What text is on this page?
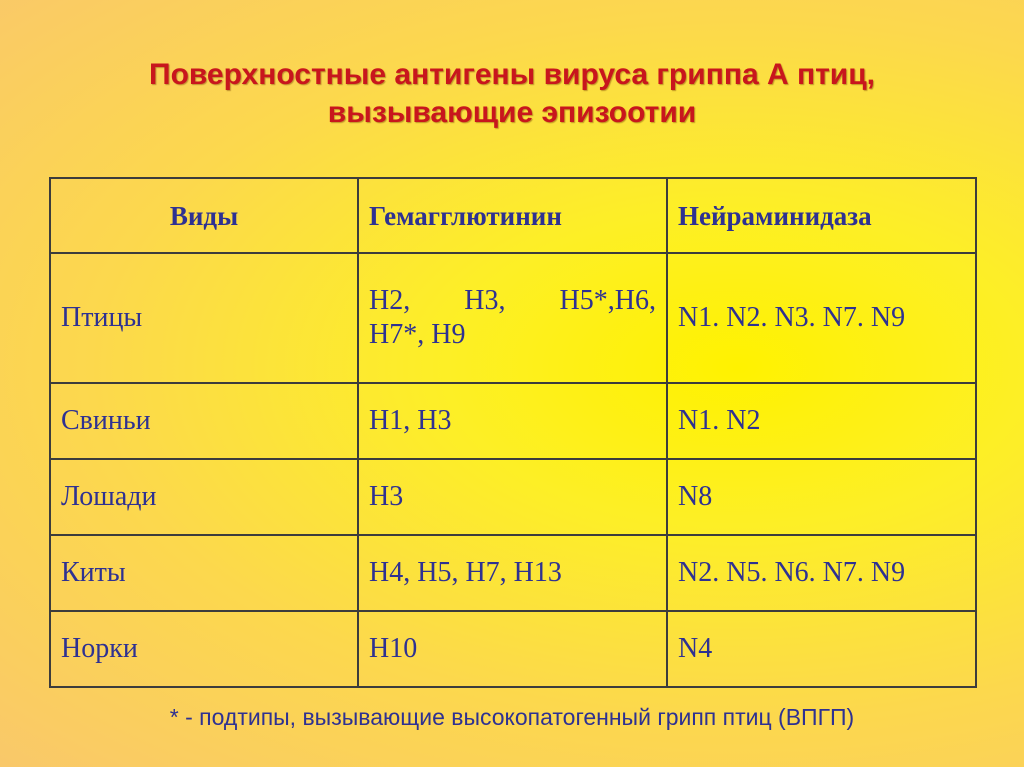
Поверхностные антигены вируса гриппа А птиц,
вызывающие эпизоотии
Виды	Гемагглютинин	Нейраминидаза
Птицы	Н2, Н3, Н5*,Н6,
Н7*, Н9	N1. N2. N3. N7. N9
Свиньи	Н1, Н3	N1. N2
Лошади	Н3	N8
Киты	Н4, Н5, Н7, Н13	N2. N5. N6. N7. N9
Норки	Н10	N4
* - подтипы, вызывающие высокопатогенный грипп птиц (ВПГП)
